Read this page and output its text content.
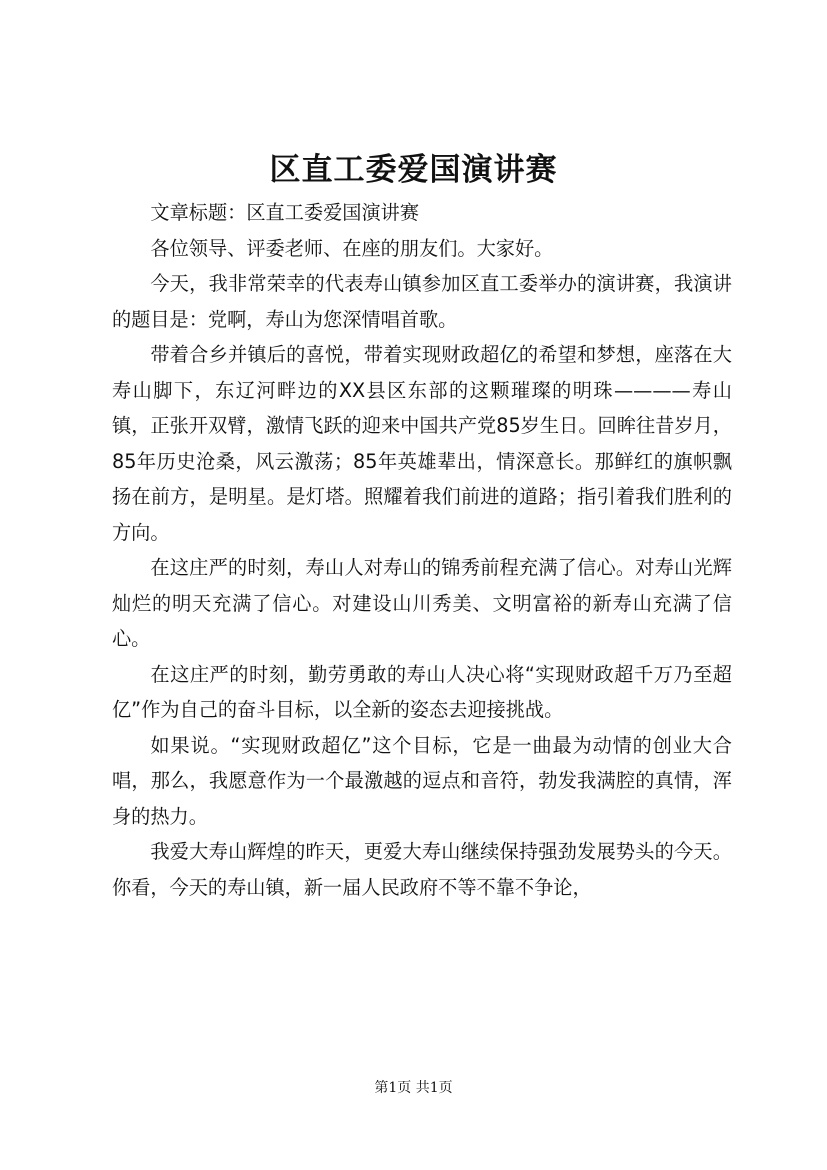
区直工委爱国演讲赛

文章标题：区直工委爱国演讲赛

各位领导、评委老师、在座的朋友们。大家好。

今天，我非常荣幸的代表寿山镇参加区直工委举办的演讲赛，我演讲的题目是：党啊，寿山为您深情唱首歌。

带着合乡并镇后的喜悦，带着实现财政超亿的希望和梦想，座落在大寿山脚下，东辽河畔边的XX县区东部的这颗璀璨的明珠————寿山镇，正张开双臂，激情飞跃的迎来中国共产党85岁生日。回眸往昔岁月，85年历史沧桑，风云激荡；85年英雄辈出，情深意长。那鲜红的旗帜飘扬在前方，是明星。是灯塔。照耀着我们前进的道路；指引着我们胜利的方向。

在这庄严的时刻，寿山人对寿山的锦秀前程充满了信心。对寿山光辉灿烂的明天充满了信心。对建设山川秀美、文明富裕的新寿山充满了信心。

在这庄严的时刻，勤劳勇敢的寿山人决心将“实现财政超千万乃至超亿”作为自己的奋斗目标，以全新的姿态去迎接挑战。

如果说。“实现财政超亿”这个目标，它是一曲最为动情的创业大合唱，那么，我愿意作为一个最激越的逗点和音符，勃发我满腔的真情，浑身的热力。

我爱大寿山辉煌的昨天，更爱大寿山继续保持强劲发展势头的今天。你看，今天的寿山镇，新一届人民政府不等不靠不争论，

第1页 共1页
